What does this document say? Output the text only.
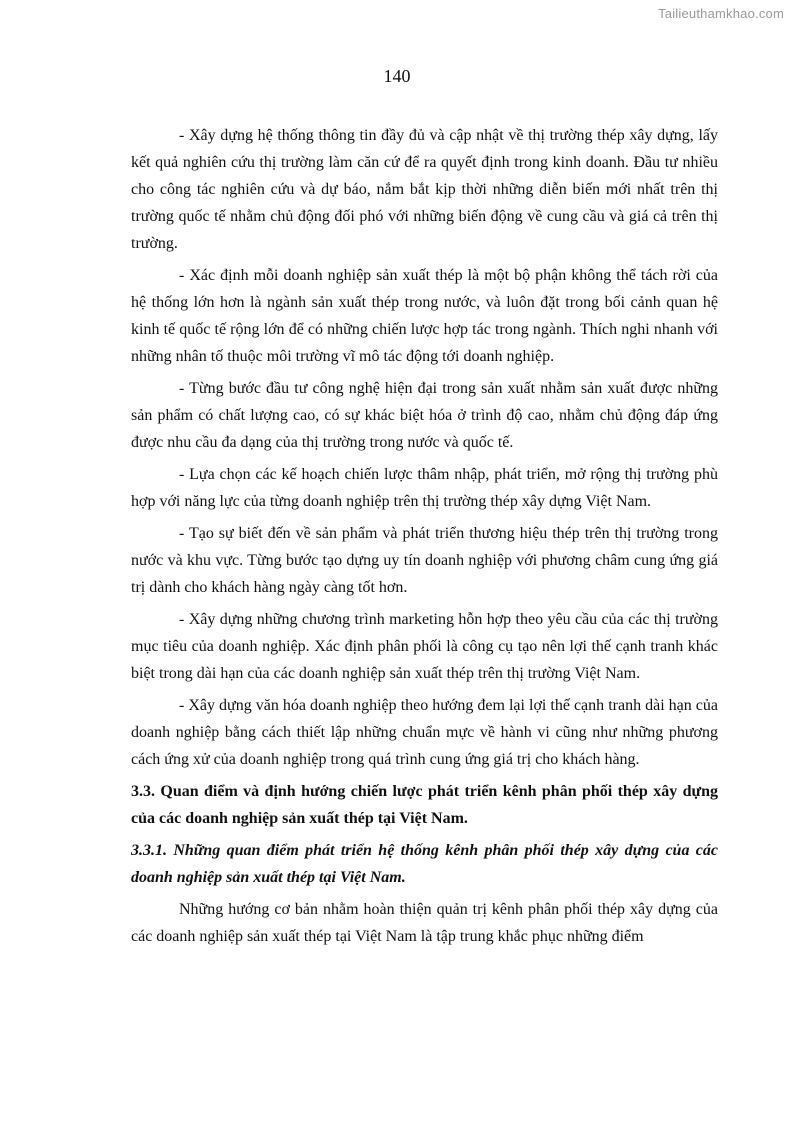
Tailieuthamkhao.com
140

- Xây dựng hệ thống thông tin đầy đủ và cập nhật về thị trường thép xây dựng, lấy kết quả nghiên cứu thị trường làm căn cứ để ra quyết định trong kinh doanh. Đầu tư nhiều cho công tác nghiên cứu và dự báo, nắm bắt kịp thời những diễn biến mới nhất trên thị trường quốc tế nhằm chủ động đối phó với những biến động về cung cầu và giá cả trên thị trường.

- Xác định mỗi doanh nghiệp sản xuất thép là một bộ phận không thể tách rời của hệ thống lớn hơn là ngành sản xuất thép trong nước, và luôn đặt trong bối cảnh quan hệ kinh tế quốc tế rộng lớn để có những chiến lược hợp tác trong ngành. Thích nghi nhanh với những nhân tố thuộc môi trường vĩ mô tác động tới doanh nghiệp.

- Từng bước đầu tư công nghệ hiện đại trong sản xuất nhằm sản xuất được những sản phẩm có chất lượng cao, có sự khác biệt hóa ở trình độ cao, nhằm chủ động đáp ứng được nhu cầu đa dạng của thị trường trong nước và quốc tế.

- Lựa chọn các kế hoạch chiến lược thâm nhập, phát triển, mở rộng thị trường phù hợp với năng lực của từng doanh nghiệp trên thị trường thép xây dựng Việt Nam.

- Tạo sự biết đến về sản phẩm và phát triển thương hiệu thép trên thị trường trong nước và khu vực. Từng bước tạo dựng uy tín doanh nghiệp với phương châm cung ứng giá trị dành cho khách hàng ngày càng tốt hơn.

- Xây dựng những chương trình marketing hỗn hợp theo yêu cầu của các thị trường mục tiêu của doanh nghiệp. Xác định phân phối là công cụ tạo nên lợi thế cạnh tranh khác biệt trong dài hạn của các doanh nghiệp sản xuất thép trên thị trường Việt Nam.

- Xây dựng văn hóa doanh nghiệp theo hướng đem lại lợi thế cạnh tranh dài hạn của doanh nghiệp bằng cách thiết lập những chuẩn mực về hành vi cũng như những phương cách ứng xử của doanh nghiệp trong quá trình cung ứng giá trị cho khách hàng.

3.3. Quan điểm và định hướng chiến lược phát triển kênh phân phối thép xây dựng của các doanh nghiệp sản xuất thép tại Việt Nam.

3.3.1. Những quan điểm phát triển hệ thống kênh phân phối thép xây dựng của các doanh nghiệp sản xuất thép tại Việt Nam.

Những hướng cơ bản nhằm hoàn thiện quản trị kênh phân phối thép xây dựng của các doanh nghiệp sản xuất thép tại Việt Nam là tập trung khắc phục những điểm
